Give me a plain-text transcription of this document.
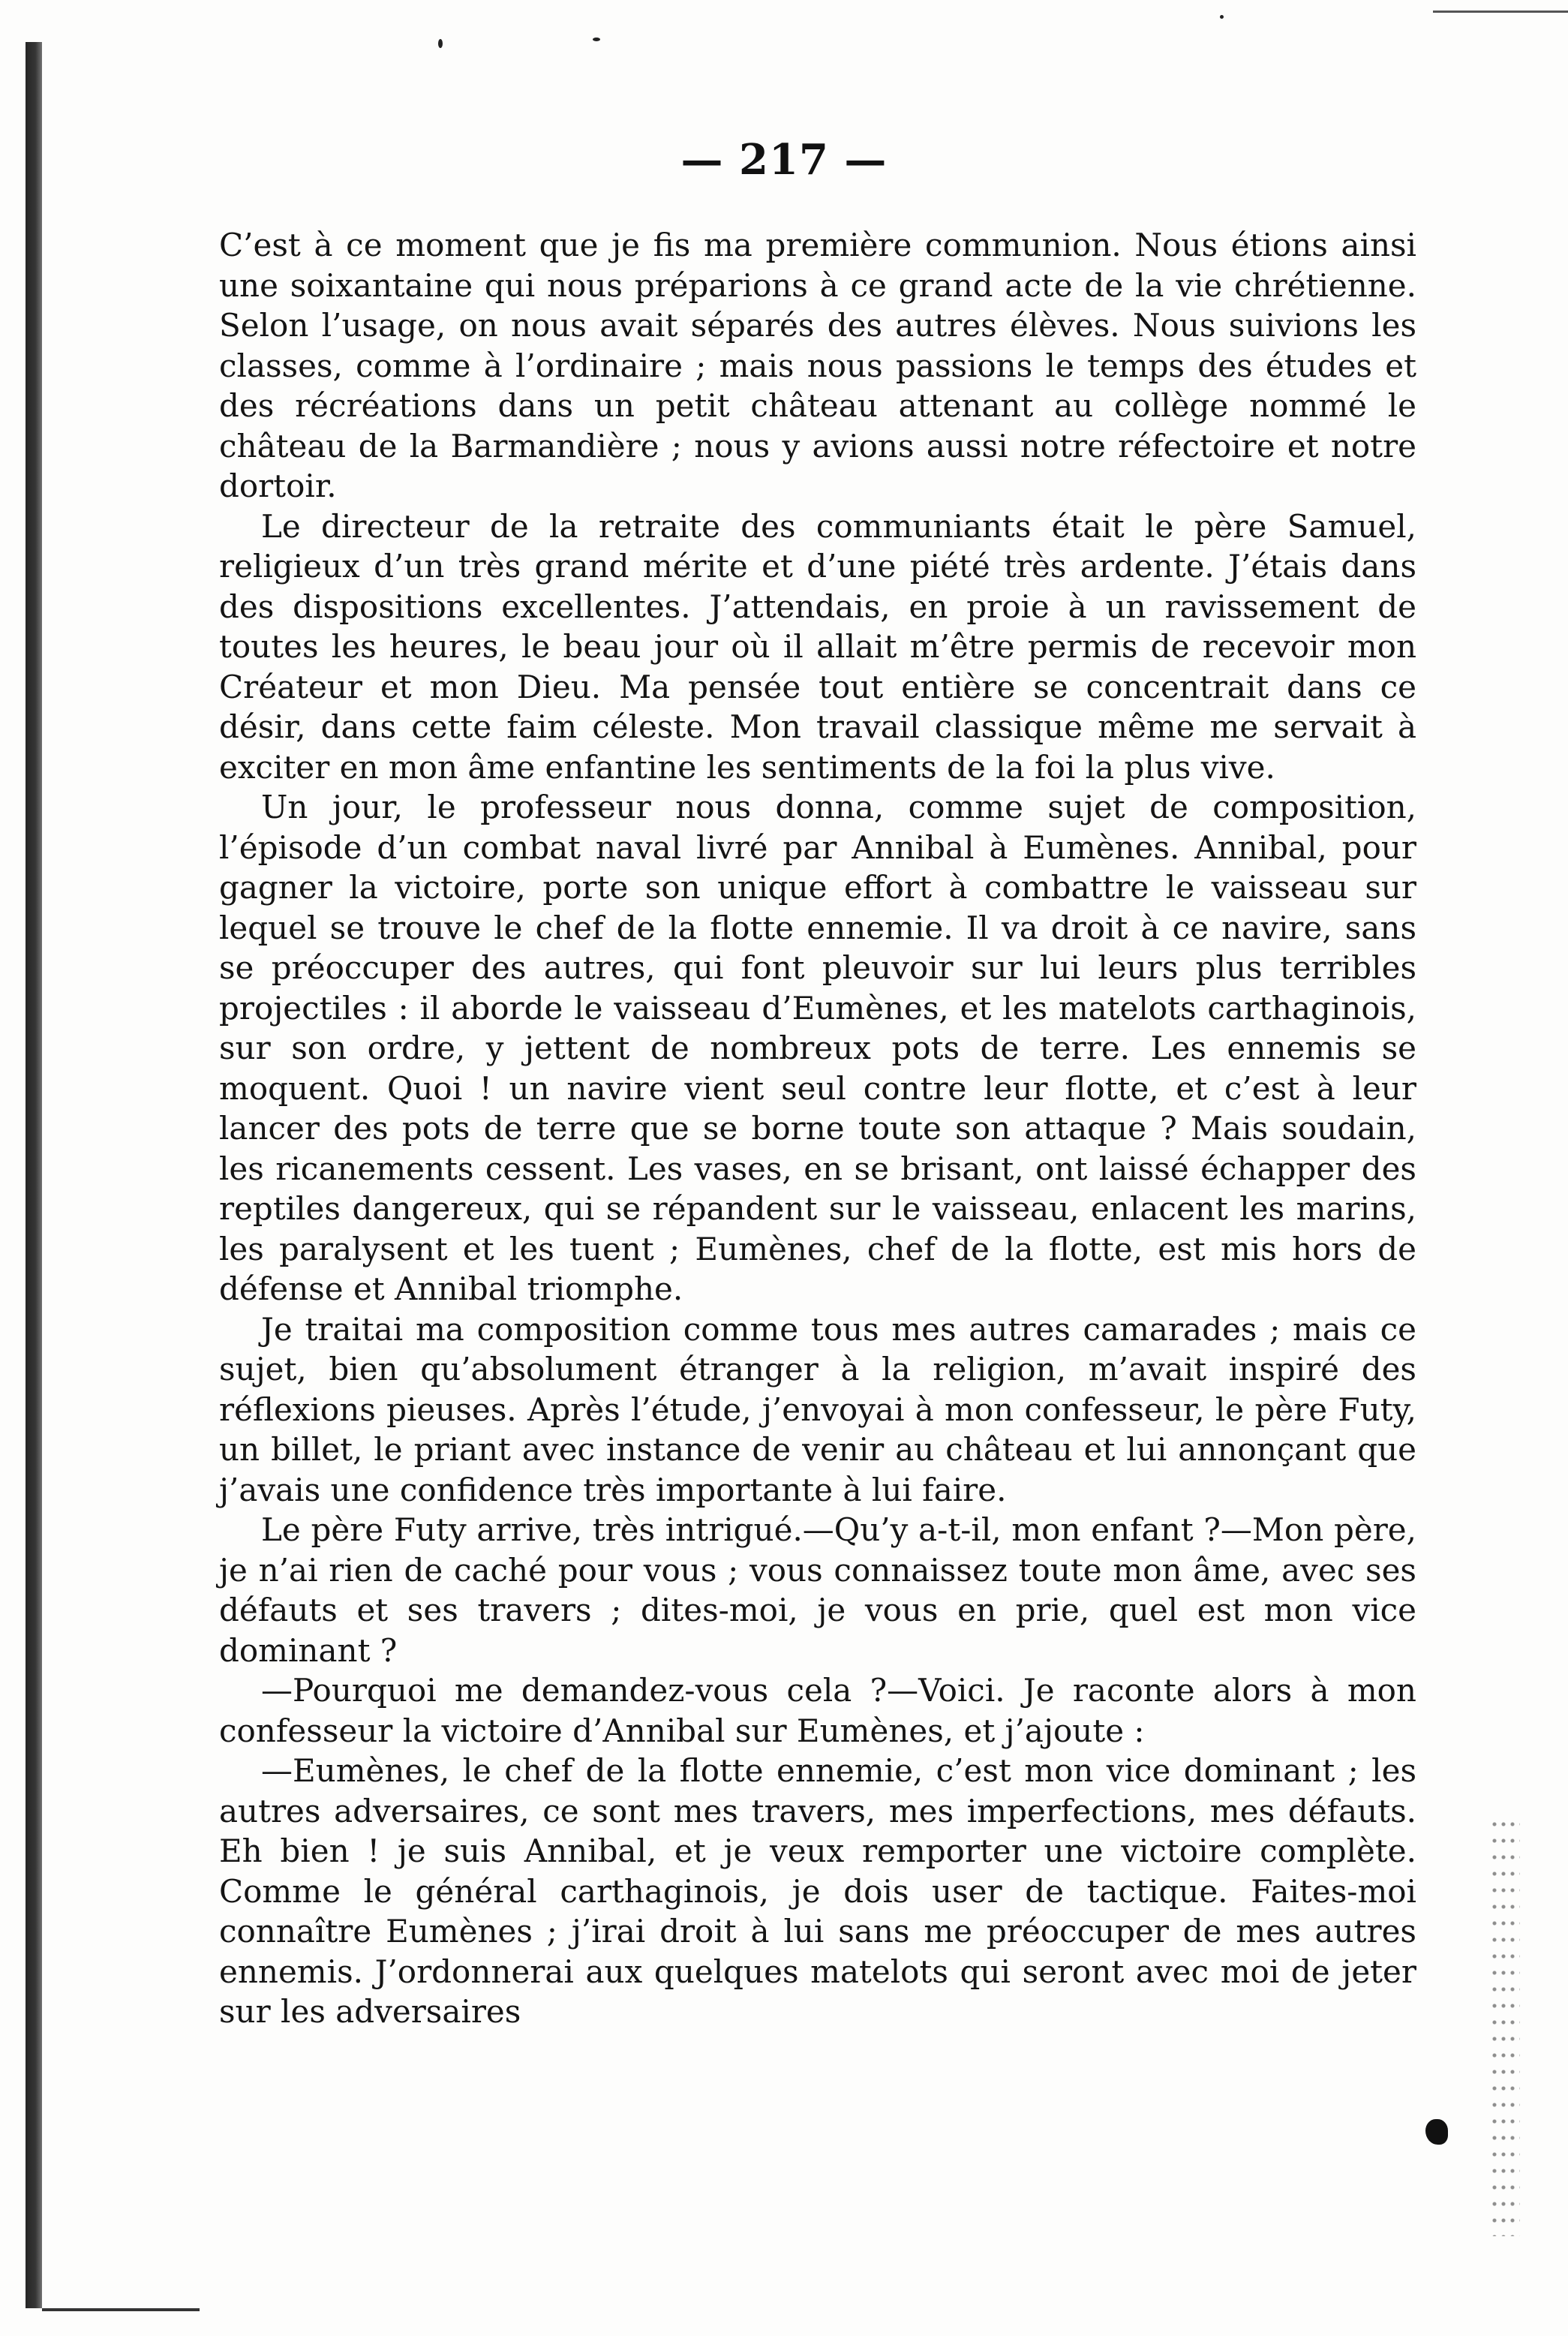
— 217 —

C’est à ce moment que je fis ma première communion. Nous étions ainsi une soixantaine qui nous préparions à ce grand acte de la vie chrétienne. Selon l’usage, on nous avait séparés des autres élèves. Nous suivions les classes, comme à l’ordinaire ; mais nous passions le temps des études et des récréations dans un petit château attenant au collège nommé le château de la Barmandière ; nous y avions aussi notre réfectoire et notre dortoir.

Le directeur de la retraite des communiants était le père Samuel, religieux d’un très grand mérite et d’une piété très ardente. J’étais dans des dispositions excellentes. J’attendais, en proie à un ravissement de toutes les heures, le beau jour où il allait m’être permis de recevoir mon Créateur et mon Dieu. Ma pensée tout entière se concentrait dans ce désir, dans cette faim céleste. Mon travail classique même me servait à exciter en mon âme enfantine les sentiments de la foi la plus vive.

Un jour, le professeur nous donna, comme sujet de composition, l’épisode d’un combat naval livré par Annibal à Eumènes. Annibal, pour gagner la victoire, porte son unique effort à combattre le vaisseau sur lequel se trouve le chef de la flotte ennemie. Il va droit à ce navire, sans se préoccuper des autres, qui font pleuvoir sur lui leurs plus terribles projectiles : il aborde le vaisseau d’Eumènes, et les matelots carthaginois, sur son ordre, y jettent de nombreux pots de terre. Les ennemis se moquent. Quoi ! un navire vient seul contre leur flotte, et c’est à leur lancer des pots de terre que se borne toute son attaque ? Mais soudain, les ricanements cessent. Les vases, en se brisant, ont laissé échapper des reptiles dangereux, qui se répandent sur le vaisseau, enlacent les marins, les paralysent et les tuent ; Eumènes, chef de la flotte, est mis hors de défense et Annibal triomphe.

Je traitai ma composition comme tous mes autres camarades ; mais ce sujet, bien qu’absolument étranger à la religion, m’avait inspiré des réflexions pieuses. Après l’étude, j’envoyai à mon confesseur, le père Futy, un billet, le priant avec instance de venir au château et lui annonçant que j’avais une confidence très importante à lui faire.

Le père Futy arrive, très intrigué.—Qu’y a-t-il, mon enfant ?—Mon père, je n’ai rien de caché pour vous ; vous connaissez toute mon âme, avec ses défauts et ses travers ; dites-moi, je vous en prie, quel est mon vice dominant ?

—Pourquoi me demandez-vous cela ?—Voici. Je raconte alors à mon confesseur la victoire d’Annibal sur Eumènes, et j’ajoute :

—Eumènes, le chef de la flotte ennemie, c’est mon vice dominant ; les autres adversaires, ce sont mes travers, mes imperfections, mes défauts. Eh bien ! je suis Annibal, et je veux remporter une victoire complète. Comme le général carthaginois, je dois user de tactique. Faites-moi connaître Eumènes ; j’irai droit à lui sans me préoccuper de mes autres ennemis. J’ordonnerai aux quelques matelots qui seront avec moi de jeter sur les adversaires
